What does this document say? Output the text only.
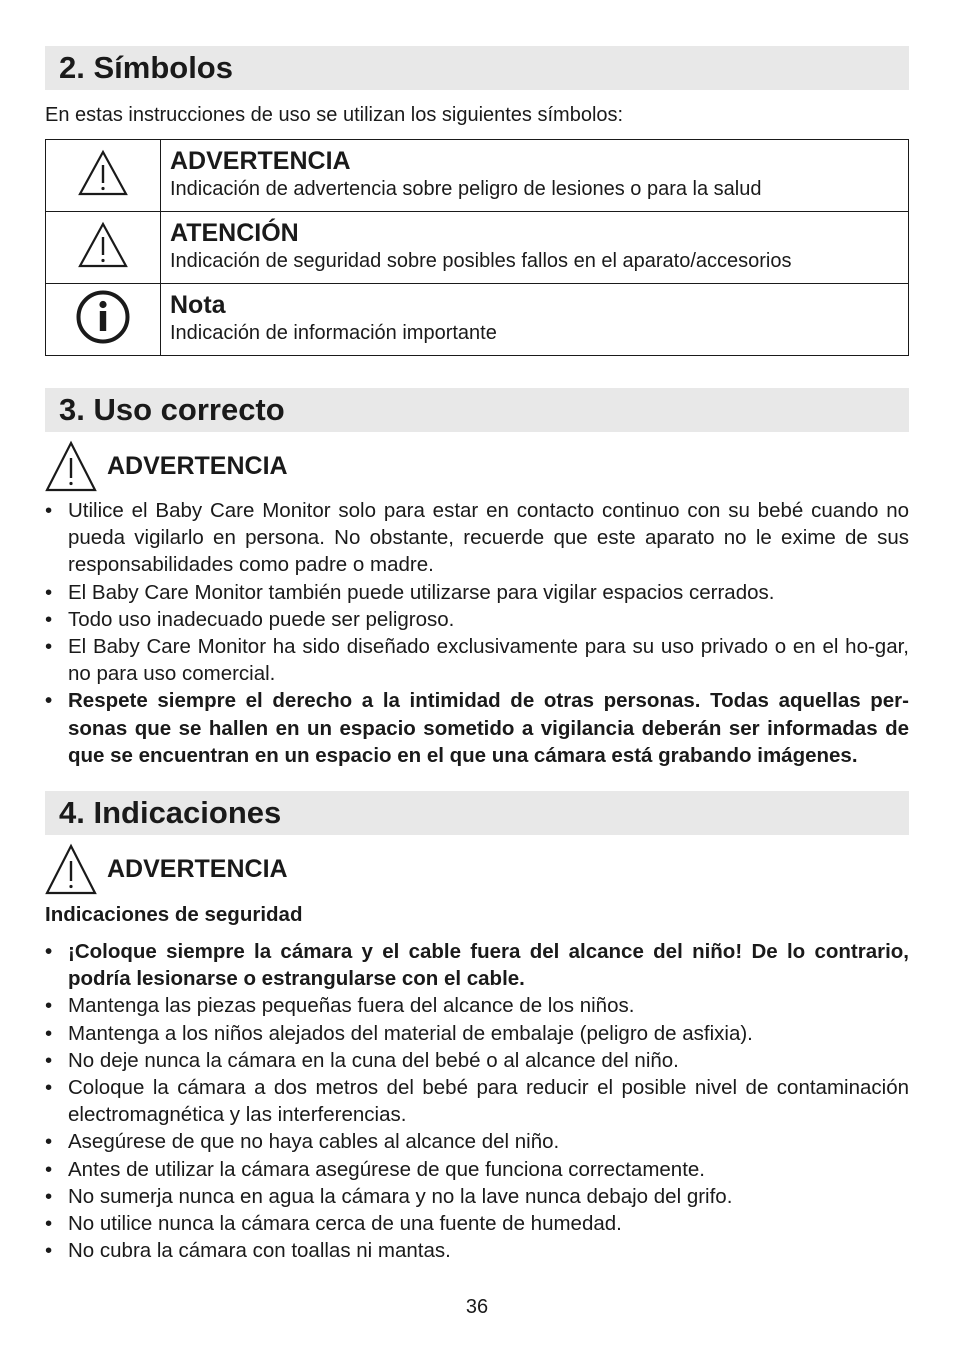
2. Símbolos
En estas instrucciones de uso se utilizan los siguientes símbolos:

ADVERTENCIA
Indicación de advertencia sobre peligro de lesiones o para la salud

ATENCIÓN
Indicación de seguridad sobre posibles fallos en el aparato/accesorios

Nota
Indicación de información importante
3. Uso correcto
ADVERTENCIA
• Utilice el Baby Care Monitor solo para estar en contacto continuo con su bebé cuando no pueda vigilarlo en persona. No obstante, recuerde que este aparato no le exime de sus responsabilidades como padre o madre.
• El Baby Care Monitor también puede utilizarse para vigilar espacios cerrados.
• Todo uso inadecuado puede ser peligroso.
• El Baby Care Monitor ha sido diseñado exclusivamente para su uso privado o en el ho-gar, no para uso comercial.
• Respete siempre el derecho a la intimidad de otras personas. Todas aquellas per-sonas que se hallen en un espacio sometido a vigilancia deberán ser informadas de que se encuentran en un espacio en el que una cámara está grabando imágenes.
4. Indicaciones
ADVERTENCIA
Indicaciones de seguridad
• ¡Coloque siempre la cámara y el cable fuera del alcance del niño! De lo contrario, podría lesionarse o estrangularse con el cable.
• Mantenga las piezas pequeñas fuera del alcance de los niños.
• Mantenga a los niños alejados del material de embalaje (peligro de asfixia).
• No deje nunca la cámara en la cuna del bebé o al alcance del niño.
• Coloque la cámara a dos metros del bebé para reducir el posible nivel de contaminación electromagnética y las interferencias.
• Asegúrese de que no haya cables al alcance del niño.
• Antes de utilizar la cámara asegúrese de que funciona correctamente.
• No sumerja nunca en agua la cámara y no la lave nunca debajo del grifo.
• No utilice nunca la cámara cerca de una fuente de humedad.
• No cubra la cámara con toallas ni mantas.
36
